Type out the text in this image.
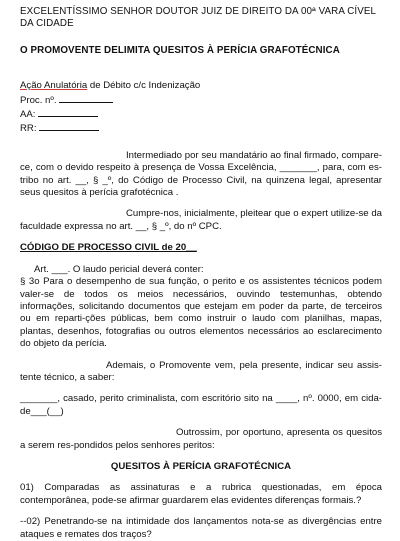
EXCELENTÍSSIMO SENHOR DOUTOR JUIZ DE DIREITO DA 00ª VARA CÍVEL DA CIDADE
O PROMOVENTE DELIMITA QUESITOS À PERÍCIA GRAFOTÉCNICA
Ação Anulatória de Débito c/c Indenização
Proc. nº.
AA:
RR:
Intermediado por seu mandatário ao final firmado, compare-ce, com o devido respeito à presença de Vossa Excelência, _______, para, com es-tribo no art. __, § _º, do Código de Processo Civil, na quinzena legal, apresentar seus quesitos à perícia grafotécnica .
Cumpre-nos, inicialmente, pleitear que o expert utilize-se da faculdade expressa no art. __, § _º, do nº CPC.
CÓDIGO DE PROCESSO CIVIL de 20__
Art. ___. O laudo pericial deverá conter:
§ 3o Para o desempenho de sua função, o perito e os assistentes técnicos podem valer-se de todos os meios necessários, ouvindo testemunhas, obtendo informações, solicitando documentos que estejam em poder da parte, de terceiros ou em reparti-ções públicas, bem como instruir o laudo com planilhas, mapas, plantas, desenhos, fotografias ou outros elementos necessários ao esclarecimento do objeto da perícia.
Ademais, o Promovente vem, pela presente, indicar seu assis-tente técnico, a saber:
_______, casado, perito criminalista, com escritório sito na ____, nº. 0000, em cida-de___(__)
Outrossim, por oportuno, apresenta os quesitos a serem res-pondidos pelos senhores peritos:
QUESITOS À PERÍCIA GRAFOTÉCNICA
01) Comparadas as assinaturas e a rubrica questionadas, em época contemporânea, pode-se afirmar guardarem elas evidentes diferenças formais.?
--02) Penetrando-se na intimidade dos lançamentos nota-se as divergências entre ataques e remates dos traços?
